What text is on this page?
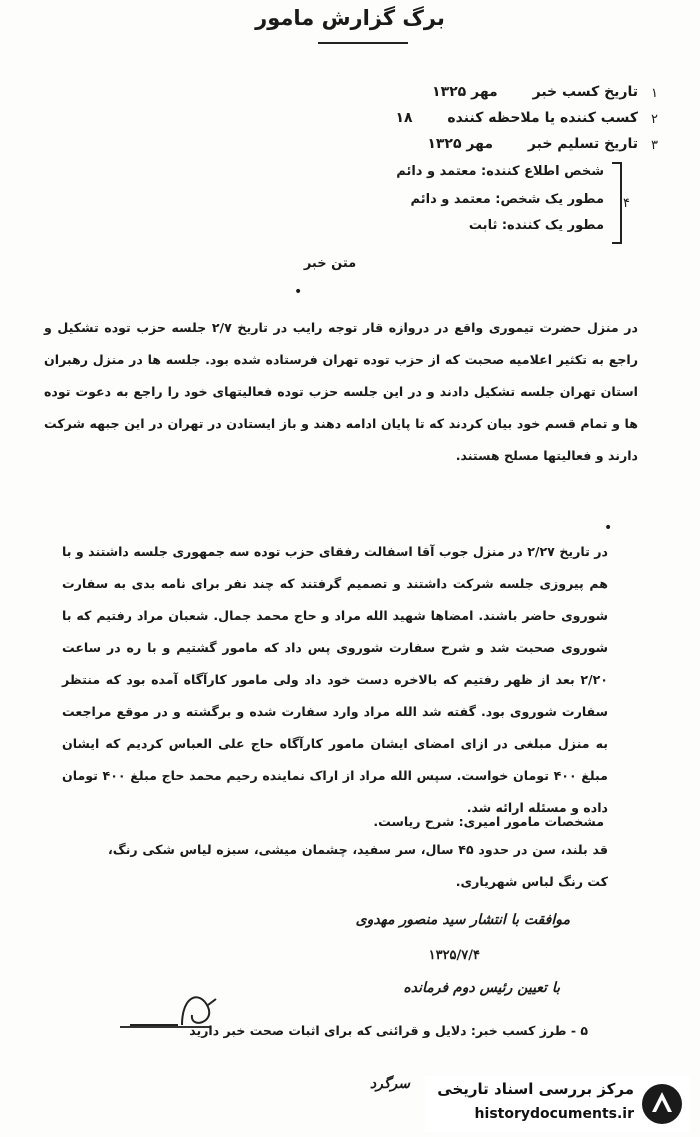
برگ گزارش مامور
۱
تاریخ کسب خبر مهر ۱۳۲۵
۲
کسب کننده یا ملاحظه کننده ۱۸
۳
تاریخ تسلیم خبر مهر ۱۳۲۵
۴
شخص اطلاع کننده: معتمد و دائم
مطور یک شخص: معتمد و دائم
مطور یک کننده: ثابت
متن خبر
•
در منزل حضرت تیموری واقع در دروازه قار توجه رایب در تاریخ ۲/۷ جلسه حزب توده تشکیل و راجع به تکثیر اعلامیه صحبت که از حزب توده تهران فرستاده شده بود. جلسه ها در منزل رهبران استان تهران جلسه تشکیل دادند و در این جلسه حزب توده فعالیتهای خود را راجع به دعوت توده ها و تمام قسم خود بیان کردند که تا پایان ادامه دهند و باز ایستادن در تهران در این جبهه شرکت دارند و فعالیتها مسلح هستند.
•
در تاریخ ۲/۲۷ در منزل جوب آقا اسفالت رفقای حزب توده سه جمهوری جلسه داشتند و با هم پیروزی جلسه شرکت داشتند و تصمیم گرفتند که چند نفر برای نامه بدی به سفارت شوروی حاضر باشند. امضاها شهید الله مراد و حاج محمد جمال. شعبان مراد رفتیم که با شوروی صحبت شد و شرح سفارت شوروی پس داد که مامور گشتیم و با ره در ساعت ۲/۲۰ بعد از ظهر رفتیم که بالاخره دست خود داد ولی مامور کارآگاه آمده بود که منتظر سفارت شوروی بود. گفته شد الله مراد وارد سفارت شده و برگشته و در موقع مراجعت به منزل مبلغی در ازای امضای ایشان مامور کارآگاه حاج علی العباس کردیم که ایشان مبلغ ۴۰۰ تومان خواست. سپس الله مراد از اراک نماینده رحیم محمد حاج مبلغ ۴۰۰ تومان داده و مسئله ارائه شد.
مشخصات مامور امیری: شرح ریاست.
قد بلند، سن در حدود ۴۵ سال، سر سفید، چشمان میشی، سبزه لیاس شکی رنگ، کت رنگ لباس شهریاری.
موافقت با انتشار سید منصور مهدوی
۱۳۲۵/۷/۴
با تعیین رئیس دوم فرمانده
۵ - طرز کسب خبر: دلایل و قرائنی که برای اثبات صحت خبر دارید
سرگرد مرکز بررسی اسناد تاریخی
historydocuments.ir
